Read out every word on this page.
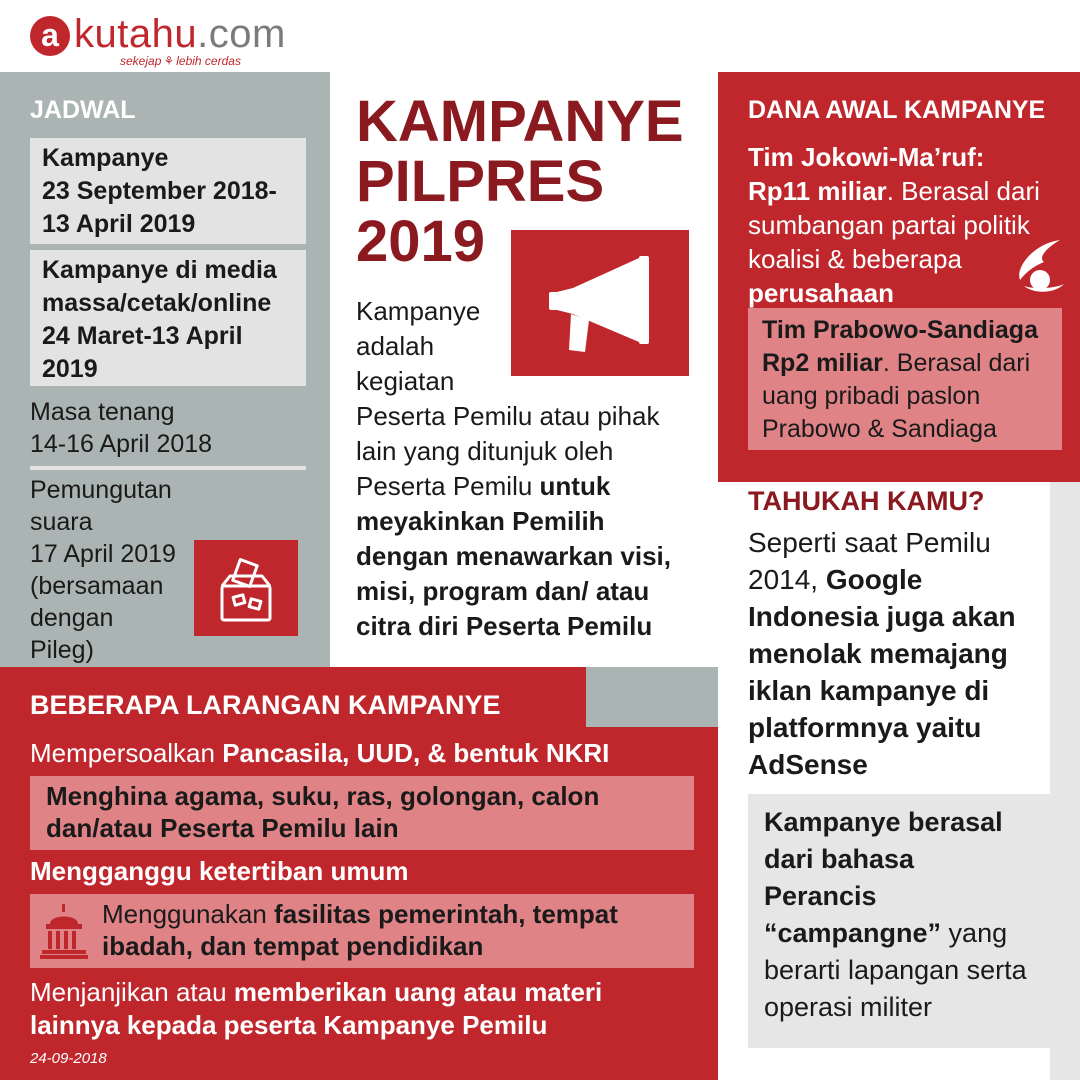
a kutahu.com
sekejap ⚘ lebih cerdas
JADWAL
Kampanye
23 September 2018-
13 April 2019
Kampanye di media
massa/cetak/online
24 Maret-13 April
2019
Masa tenang
14-16 April 2018
Pemungutan suara
17 April 2019
(bersamaan
dengan
Pileg)
KAMPANYE
PILPRES
2019
Kampanye
adalah
kegiatan
Peserta Pemilu atau pihak lain yang ditunjuk oleh Peserta Pemilu untuk meyakinkan Pemilih dengan menawarkan visi, misi, program dan/ atau citra diri Peserta Pemilu
DANA AWAL KAMPANYE
Tim Jokowi-Ma’ruf:
Rp11 miliar. Berasal dari sumbangan partai politik koalisi & beberapa perusahaan
Tim Prabowo-Sandiaga
Rp2 miliar. Berasal dari uang pribadi paslon Prabowo & Sandiaga
TAHUKAH KAMU?
Seperti saat Pemilu 2014, Google Indonesia juga akan menolak memajang iklan kampanye di platformnya yaitu AdSense
Kampanye berasal dari bahasa Perancis “campangne” yang berarti lapangan serta operasi militer
BEBERAPA LARANGAN KAMPANYE
Mempersoalkan Pancasila, UUD, & bentuk NKRI
Menghina agama, suku, ras, golongan, calon dan/atau Peserta Pemilu lain
Mengganggu ketertiban umum
Menggunakan fasilitas pemerintah, tempat ibadah, dan tempat pendidikan
Menjanjikan atau memberikan uang atau materi lainnya kepada peserta Kampanye Pemilu
24-09-2018
